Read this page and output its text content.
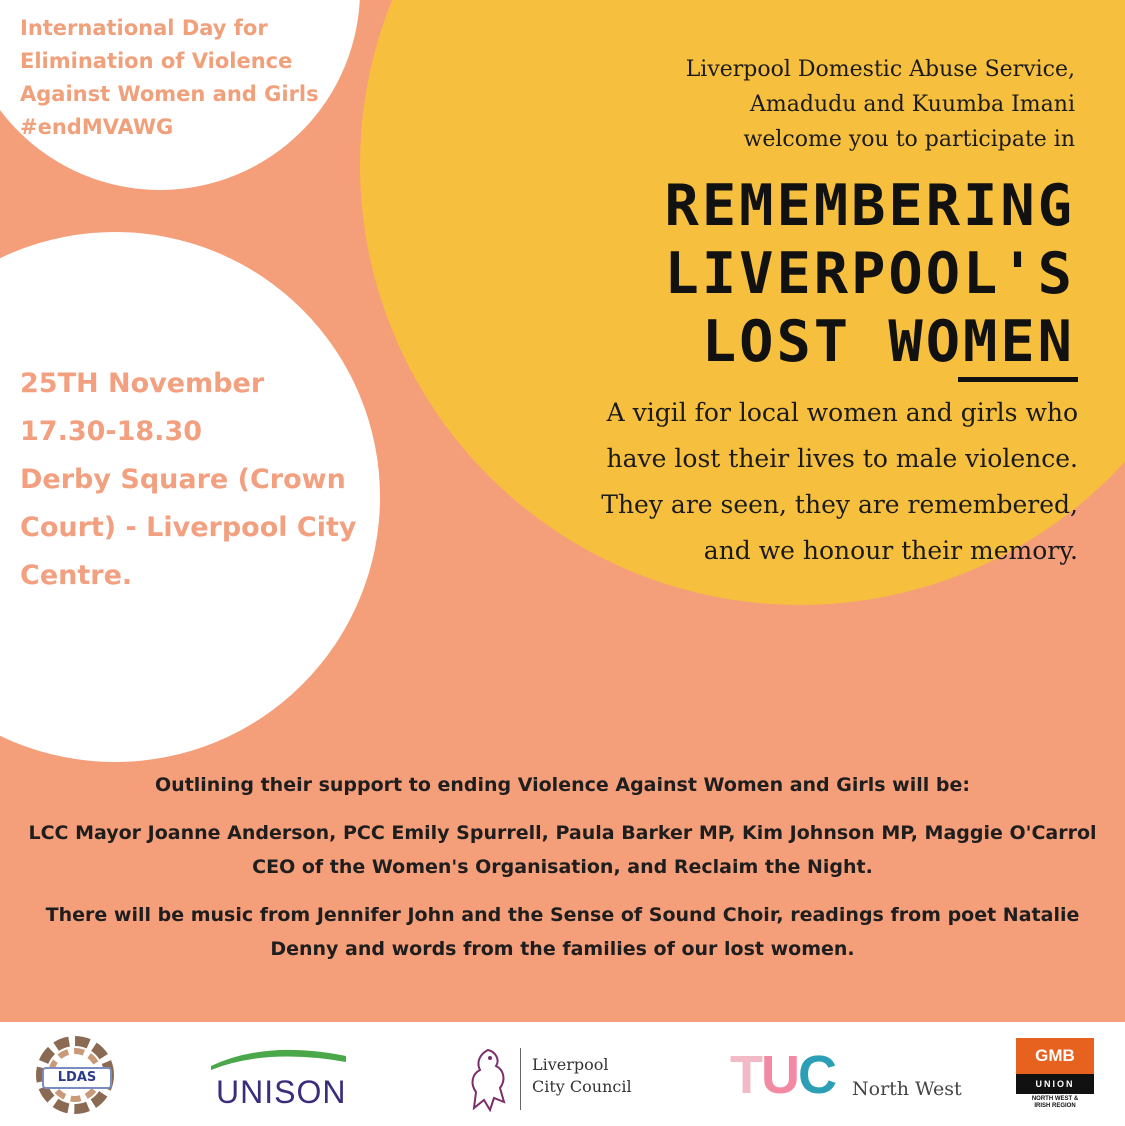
International Day for
Elimination of Violence
Against Women and Girls
#endMVAWG
25TH November
17.30-18.30
Derby Square (Crown
Court) - Liverpool City
Centre.
Liverpool Domestic Abuse Service,
Amadudu and Kuumba Imani
welcome you to participate in
REMEMBERING
LIVERPOOL'S
LOST WOMEN
A vigil for local women and girls who
have lost their lives to male violence.
They are seen, they are remembered,
and we honour their memory.

Outlining their support to ending Violence Against Women and Girls will be:

LCC Mayor Joanne Anderson, PCC Emily Spurrell, Paula Barker MP, Kim Johnson MP, Maggie O'Carrol CEO of the Women's Organisation, and Reclaim the Night.

There will be music from Jennifer John and the Sense of Sound Choir, readings from poet Natalie Denny and words from the families of our lost women.

LDAS	UNISON
Liverpool
City Council TUC North West
GMB
UNION
NORTH WEST &
IRISH REGION
